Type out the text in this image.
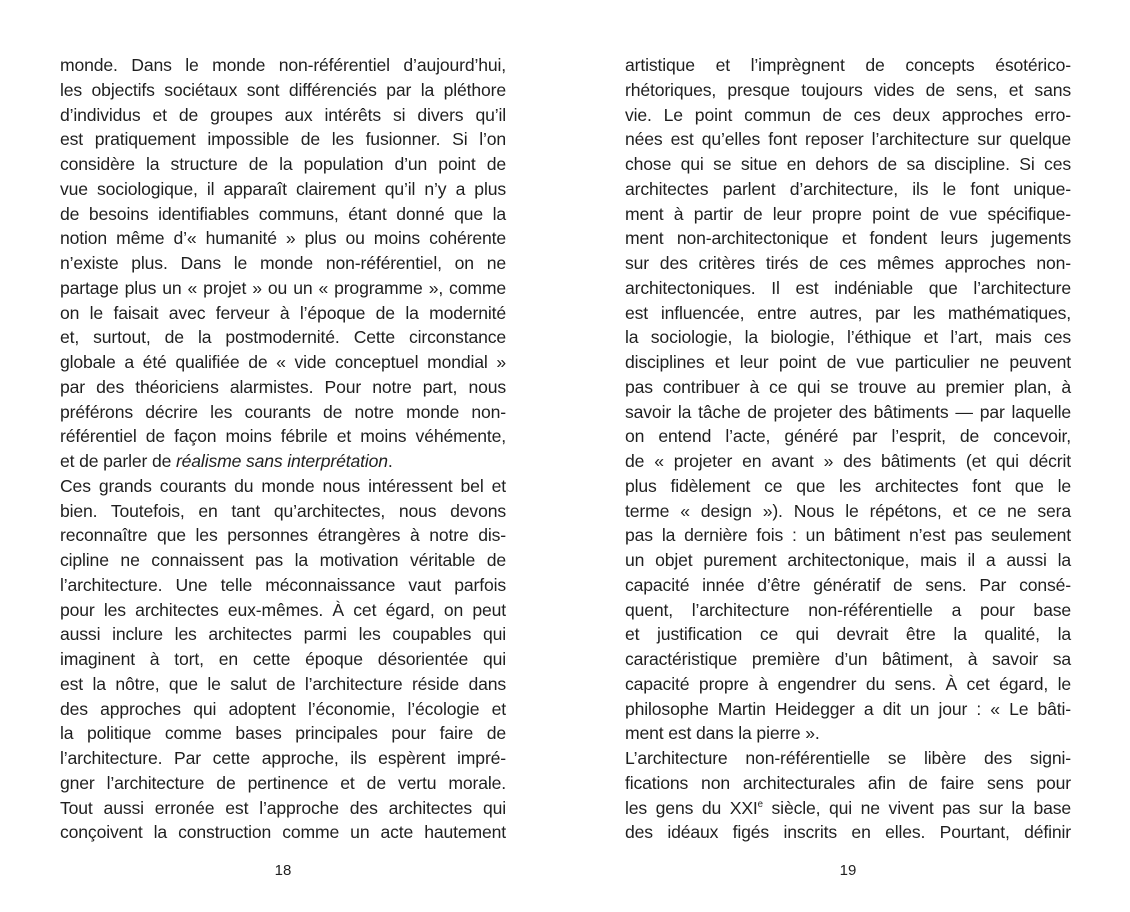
monde. Dans le monde non-référentiel d’aujourd’hui,
les objectifs sociétaux sont différenciés par la pléthore
d’individus et de groupes aux intérêts si divers qu’il
est pratiquement impossible de les fusionner. Si l’on
considère la structure de la population d’un point de
vue sociologique, il apparaît clairement qu’il n’y a plus
de besoins identifiables communs, étant donné que la
notion même d’« humanité » plus ou moins cohérente
n’existe plus. Dans le monde non-référentiel, on ne
partage plus un « projet » ou un « programme », comme
on le faisait avec ferveur à l’époque de la modernité
et, surtout, de la postmodernité. Cette circonstance
globale a été qualifiée de « vide conceptuel mondial »
par des théoriciens alarmistes. Pour notre part, nous
préférons décrire les courants de notre monde non-
référentiel de façon moins fébrile et moins véhémente,
et de parler de réalisme sans interprétation.
Ces grands courants du monde nous intéressent bel et
bien. Toutefois, en tant qu’architectes, nous devons
reconnaître que les personnes étrangères à notre dis-
cipline ne connaissent pas la motivation véritable de
l’architecture. Une telle méconnaissance vaut parfois
pour les architectes eux-mêmes. À cet égard, on peut
aussi inclure les architectes parmi les coupables qui
imaginent à tort, en cette époque désorientée qui
est la nôtre, que le salut de l’architecture réside dans
des approches qui adoptent l’économie, l’écologie et
la politique comme bases principales pour faire de
l’architecture. Par cette approche, ils espèrent impré-
gner l’architecture de pertinence et de vertu morale.
Tout aussi erronée est l’approche des architectes qui
conçoivent la construction comme un acte hautement
18
artistique et l’imprègnent de concepts ésotérico-
rhétoriques, presque toujours vides de sens, et sans
vie. Le point commun de ces deux approches erro-
nées est qu’elles font reposer l’architecture sur quelque
chose qui se situe en dehors de sa discipline. Si ces
architectes parlent d’architecture, ils le font unique-
ment à partir de leur propre point de vue spécifique-
ment non-architectonique et fondent leurs jugements
sur des critères tirés de ces mêmes approches non-
architectoniques. Il est indéniable que l’architecture
est influencée, entre autres, par les mathématiques,
la sociologie, la biologie, l’éthique et l’art, mais ces
disciplines et leur point de vue particulier ne peuvent
pas contribuer à ce qui se trouve au premier plan, à
savoir la tâche de projeter des bâtiments — par laquelle
on entend l’acte, généré par l’esprit, de concevoir,
de « projeter en avant » des bâtiments (et qui décrit
plus fidèlement ce que les architectes font que le
terme « design »). Nous le répétons, et ce ne sera
pas la dernière fois : un bâtiment n’est pas seulement
un objet purement architectonique, mais il a aussi la
capacité innée d’être génératif de sens. Par consé-
quent, l’architecture non-référentielle a pour base
et justification ce qui devrait être la qualité, la
caractéristique première d’un bâtiment, à savoir sa
capacité propre à engendrer du sens. À cet égard, le
philosophe Martin Heidegger a dit un jour : « Le bâti-
ment est dans la pierre ».
L’architecture non-référentielle se libère des signi-
fications non architecturales afin de faire sens pour
les gens du XXIe siècle, qui ne vivent pas sur la base
des idéaux figés inscrits en elles. Pourtant, définir
19
